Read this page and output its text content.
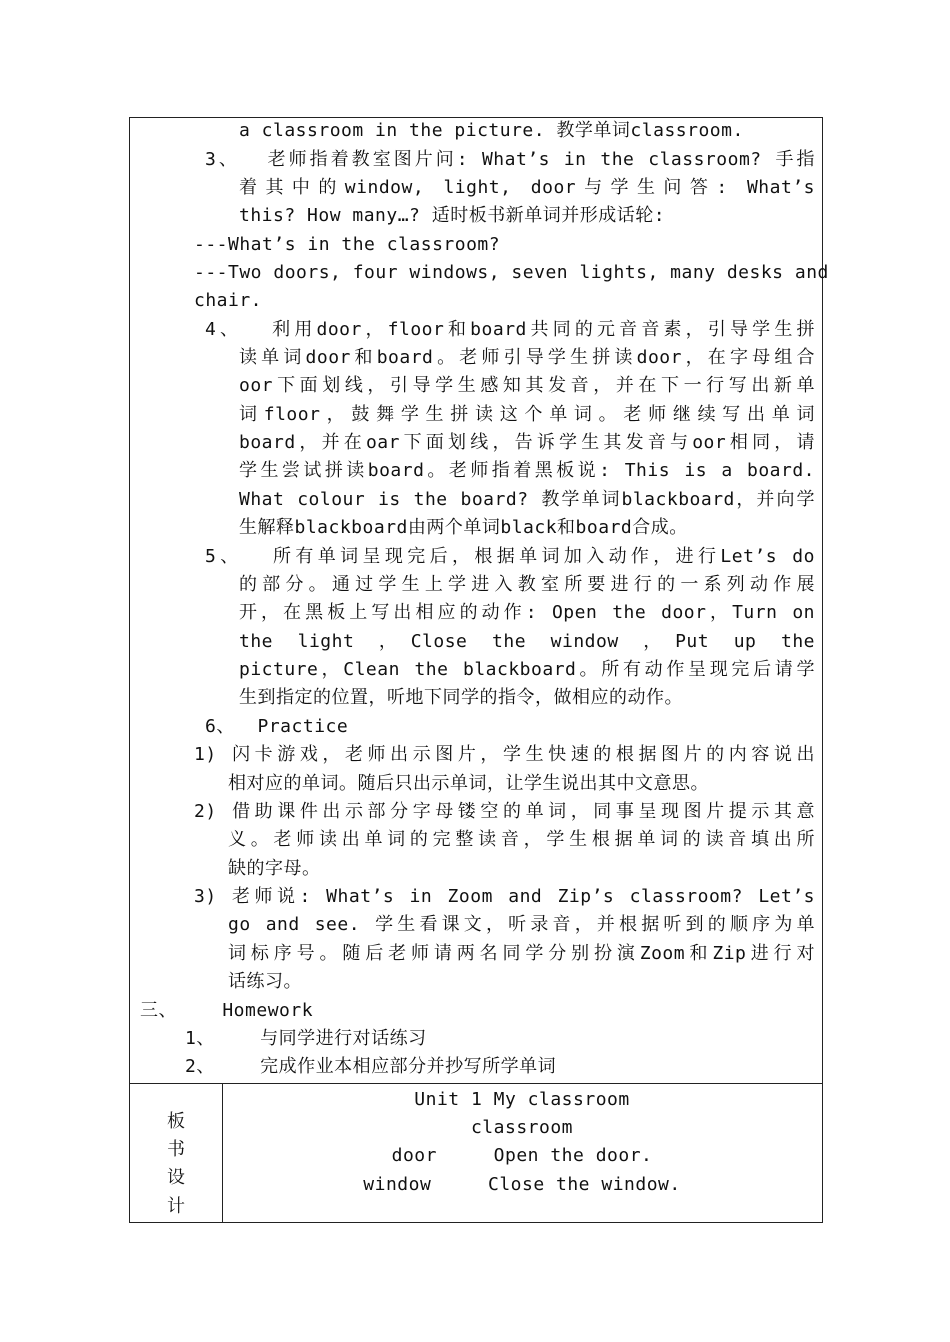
a classroom in the picture. 教学单词classroom.
3、  老师指着教室图片问: What’s in the classroom? 手指
着其中的window, light, door与学生问答: What’s
this? How many…? 适时板书新单词并形成话轮:
---What’s in the classroom?
---Two doors, four windows, seven lights, many desks and
chair.
4、  利用door，floor和board共同的元音音素，引导学生拼
读单词door和board。老师引导学生拼读door，在字母组合
oor下面划线，引导学生感知其发音，并在下一行写出新单
词floor，鼓舞学生拼读这个单词。老师继续写出单词
board，并在oar下面划线，告诉学生其发音与oor相同，请
学生尝试拼读board。老师指着黑板说: This is a board.
What colour is the board? 教学单词blackboard，并向学
生解释blackboard由两个单词black和board合成。
5、  所有单词呈现完后，根据单词加入动作，进行Let’s do
的部分。通过学生上学进入教室所要进行的一系列动作展
开，在黑板上写出相应的动作: Open the door，Turn on
the light ，Close the window ，Put up the
picture，Clean the blackboard。所有动作呈现完后请学
生到指定的位置，听地下同学的指令，做相应的动作。
6、  Practice
1) 闪卡游戏，老师出示图片，学生快速的根据图片的内容说出
相对应的单词。随后只出示单词，让学生说出其中文意思。
2) 借助课件出示部分字母镂空的单词，同事呈现图片提示其意
义。老师读出单词的完整读音，学生根据单词的读音填出所
缺的字母。
3) 老师说: What’s in Zoom and Zip’s classroom? Let’s
go and see. 学生看课文，听录音，并根据听到的顺序为单
词标序号。随后老师请两名同学分别扮演Zoom和Zip进行对
话练习。
三、    Homework
1、    与同学进行对话练习
2、    完成作业本相应部分并抄写所学单词
板
书
设
计
Unit 1 My classroom
classroom
door     Open the door.
window     Close the window.
